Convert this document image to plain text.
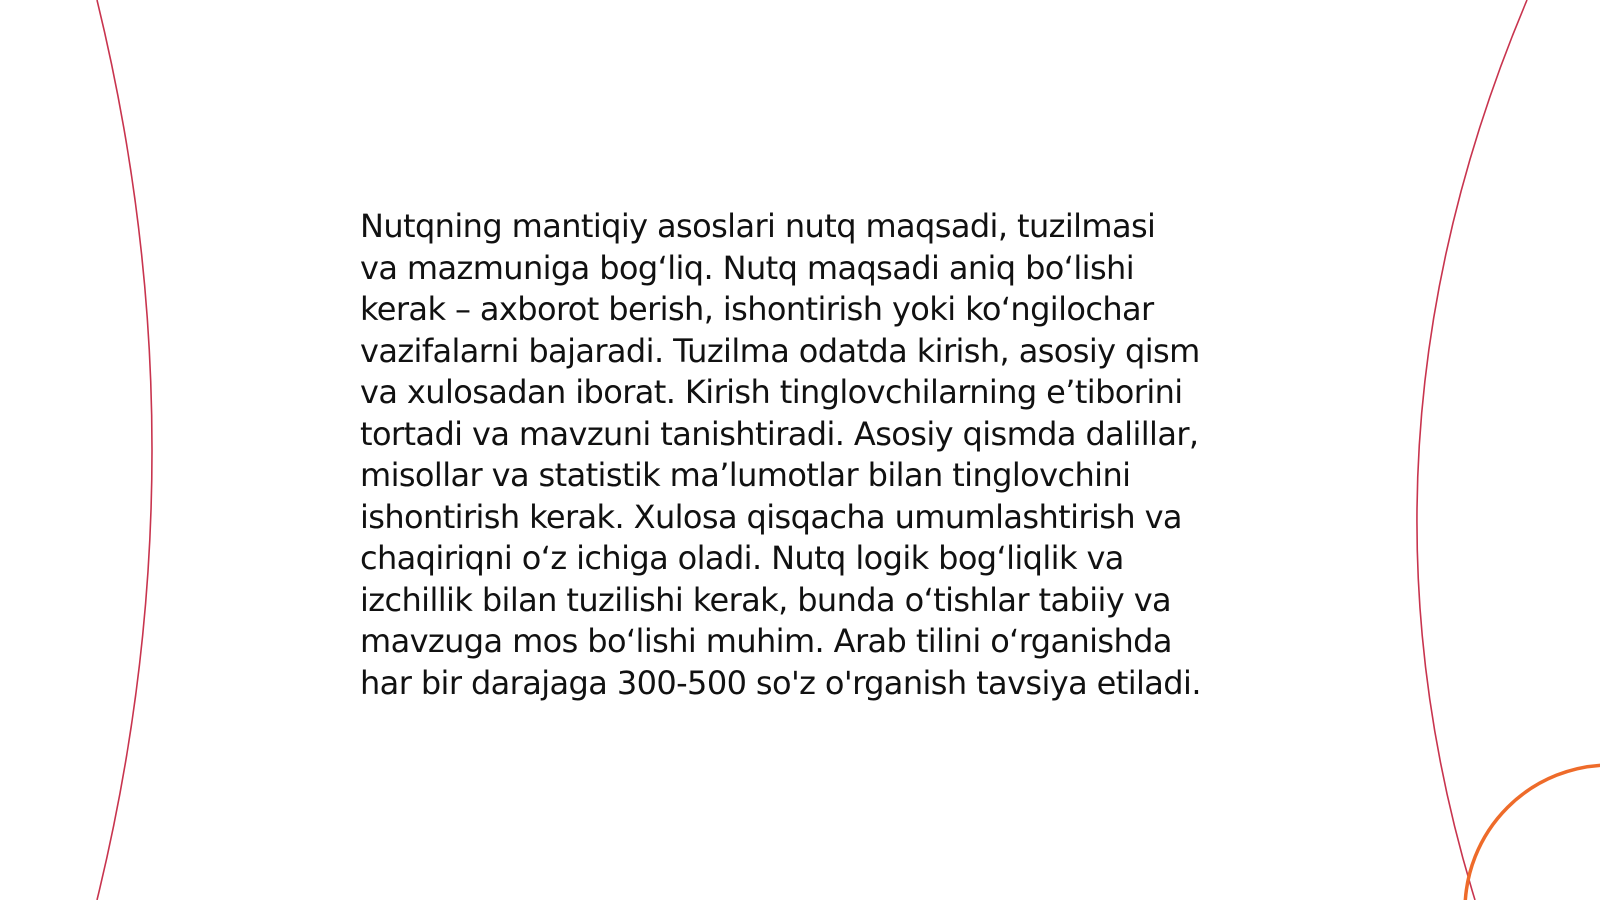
Nutqning mantiqiy asoslari nutq maqsadi, tuzilmasi
va mazmuniga bog‘liq. Nutq maqsadi aniq bo‘lishi
kerak – axborot berish, ishontirish yoki ko‘ngilochar
vazifalarni bajaradi. Tuzilma odatda kirish, asosiy qism
va xulosadan iborat. Kirish tinglovchilarning e’tiborini
tortadi va mavzuni tanishtiradi. Asosiy qismda dalillar,
misollar va statistik ma’lumotlar bilan tinglovchini
ishontirish kerak. Xulosa qisqacha umumlashtirish va
chaqiriqni o‘z ichiga oladi. Nutq logik bog‘liqlik va
izchillik bilan tuzilishi kerak, bunda o‘tishlar tabiiy va
mavzuga mos bo‘lishi muhim. Arab tilini o‘rganishda
har bir darajaga 300-500 so'z o'rganish tavsiya etiladi.
